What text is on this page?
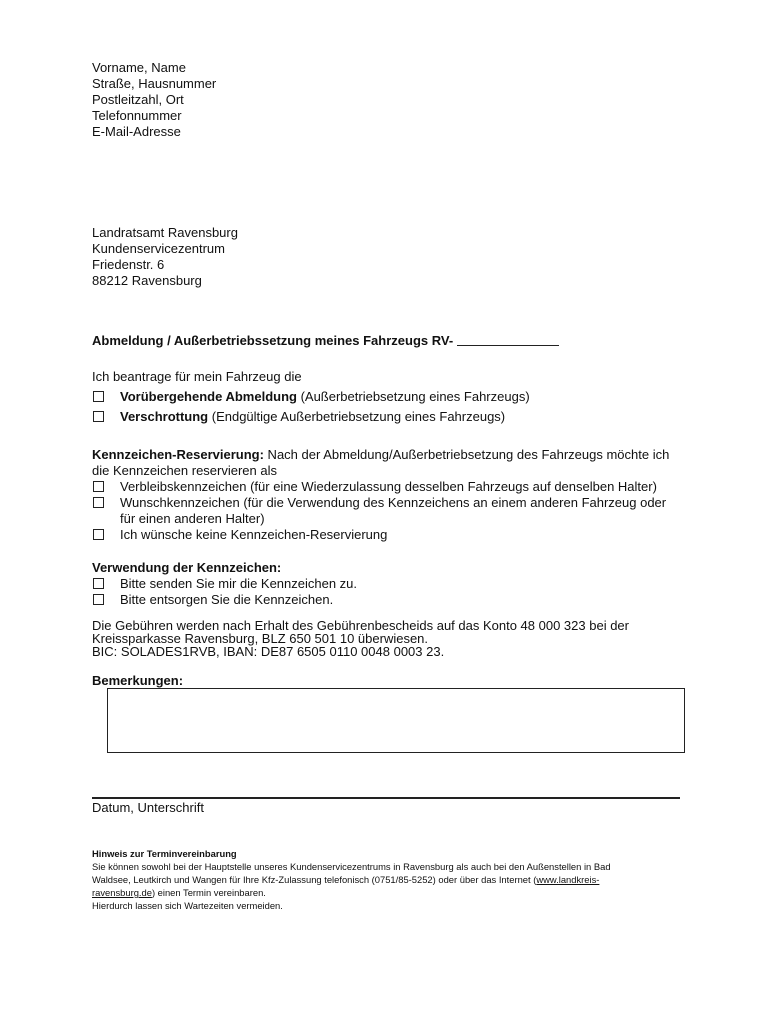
Vorname, Name
Straße, Hausnummer
Postleitzahl, Ort
Telefonnummer
E-Mail-Adresse
Landratsamt Ravensburg
Kundenservicezentrum
Friedenstr. 6
88212 Ravensburg
Abmeldung / Außerbetriebssetzung meines Fahrzeugs RV-
Ich beantrage für mein Fahrzeug die
Vorübergehende Abmeldung (Außerbetriebsetzung eines Fahrzeugs)
Verschrottung (Endgültige Außerbetriebsetzung eines Fahrzeugs)
Kennzeichen-Reservierung: Nach der Abmeldung/Außerbetriebsetzung des Fahrzeugs möchte ich
die Kennzeichen reservieren als
Verbleibskennzeichen (für eine Wiederzulassung desselben Fahrzeugs auf denselben Halter)
Wunschkennzeichen (für die Verwendung des Kennzeichens an einem anderen Fahrzeug oder
für einen anderen Halter)
Ich wünsche keine Kennzeichen-Reservierung
Verwendung der Kennzeichen:
Bitte senden Sie mir die Kennzeichen zu.
Bitte entsorgen Sie die Kennzeichen.
Die Gebühren werden nach Erhalt des Gebührenbescheids auf das Konto 48 000 323 bei der
Kreissparkasse Ravensburg, BLZ 650 501 10 überwiesen.
BIC: SOLADES1RVB, IBAN: DE87 6505 0110 0048 0003 23.
Bemerkungen:
Datum, Unterschrift
Hinweis zur Terminvereinbarung
Sie können sowohl bei der Hauptstelle unseres Kundenservicezentrums in Ravensburg als auch bei den Außenstellen in Bad
Waldsee, Leutkirch und Wangen für Ihre Kfz-Zulassung telefonisch (0751/85-5252) oder über das Internet (www.landkreis-
ravensburg.de) einen Termin vereinbaren.
Hierdurch lassen sich Wartezeiten vermeiden.
